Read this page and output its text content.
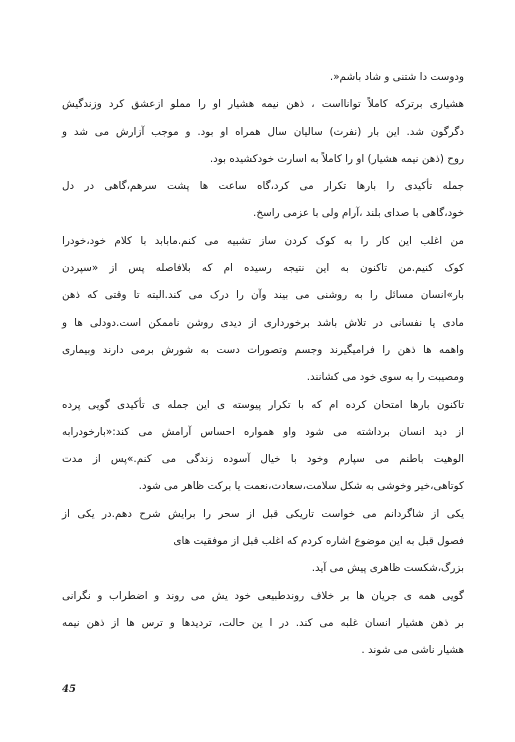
ودوست دا شتنی و شاد باشم«.
هشیاری برترکه کاملاً توانااست ، ذهن نیمه هشیار او را مملو ازعشق کرد وزندگیش
دگرگون شد. این بار (نفرت) سالیان سال همراه او بود. و موجب آزارش می شد و
روح (ذهن نیمه هشیار) او را کاملاً به اسارت خودکشیده بود.
جمله تأکیدی را بارها تکرار می کرد،گاه ساعت ها پشت سرهم،گاهی در دل
خود،گاهی با صدای بلند ،آرام ولی با عزمی راسخ.
من اغلب این کار را به کوک کردن ساز تشبیه می کنم.مابابد با کلام خود،خودرا
کوک کنیم.من تاکنون به این نتیجه رسیده ام که بلافاصله پس از «سپردن
بار»انسان مسائل را به روشنی می بیند وآن را درک می کند.البته تا وقتی که ذهن
مادی یا نفسانی در تلاش باشد برخورداری از دیدی روشن ناممکن است.دودلی ها و
واهمه ها ذهن را فرامیگیرند وجسم وتصورات دست به شورش برمی دارند وبیماری
ومصیبت را به سوی خود می کشانند.
تاکنون بارها امتحان کرده ام که با تکرار پیوسته ی این جمله ی تأکیدی گویی پرده
از دید انسان برداشته می شود واو همواره احساس آرامش می کند:«بارخودرابه
الوهیت باطنم می سپارم وخود با خیال آسوده زندگی می کنم.»پس از مدت
کوتاهی،خیر وخوشی به شکل سلامت،سعادت،نعمت یا برکت ظاهر می شود.
یکی از شاگردانم می خواست تاریکی قبل از سحر را برایش شرح دهم.در یکی از
فصول قبل به این موضوع اشاره کردم که اغلب قبل از موفقیت های
بزرگ،شکست ظاهری پیش می آید.
گویی همه ی جریان ها بر خلاف روندطبیعی خود یش می روند و اضطراب و نگرانی
بر ذهن هشیار انسان غلبه می کند. در ا ین حالت، تردیدها و ترس ها از ذهن نیمه
هشیار ناشی می شوند .
45
